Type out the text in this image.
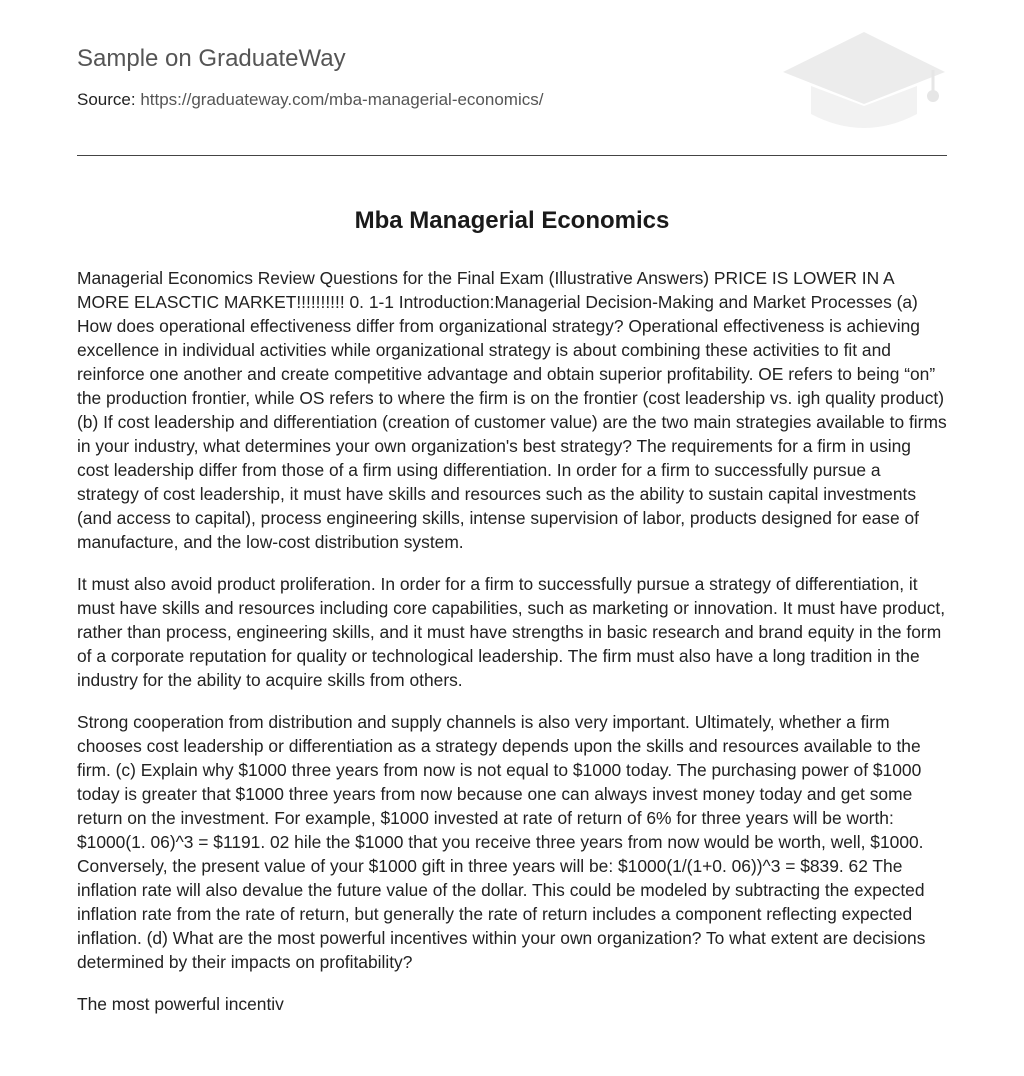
Sample on GraduateWay
Source: https://graduateway.com/mba-managerial-economics/
Mba Managerial Economics

Managerial Economics Review Questions for the Final Exam (Illustrative Answers) PRICE IS LOWER IN A MORE ELASCTIC MARKET!!!!!!!!!! 0. 1-1 Introduction:Managerial Decision-Making and Market Processes (a) How does operational effectiveness differ from organizational strategy? Operational effectiveness is achieving excellence in individual activities while organizational strategy is about combining these activities to fit and reinforce one another and create competitive advantage and obtain superior profitability. OE refers to being “on” the production frontier, while OS refers to where the firm is on the frontier (cost leadership vs. igh quality product) (b) If cost leadership and differentiation (creation of customer value) are the two main strategies available to firms in your industry, what determines your own organization's best strategy? The requirements for a firm in using cost leadership differ from those of a firm using differentiation. In order for a firm to successfully pursue a strategy of cost leadership, it must have skills and resources such as the ability to sustain capital investments (and access to capital), process engineering skills, intense supervision of labor, products designed for ease of manufacture, and the low-cost distribution system.

It must also avoid product proliferation. In order for a firm to successfully pursue a strategy of differentiation, it must have skills and resources including core capabilities, such as marketing or innovation. It must have product, rather than process, engineering skills, and it must have strengths in basic research and brand equity in the form of a corporate reputation for quality or technological leadership. The firm must also have a long tradition in the industry for the ability to acquire skills from others.

Strong cooperation from distribution and supply channels is also very important. Ultimately, whether a firm chooses cost leadership or differentiation as a strategy depends upon the skills and resources available to the firm. (c) Explain why $1000 three years from now is not equal to $1000 today. The purchasing power of $1000 today is greater that $1000 three years from now because one can always invest money today and get some return on the investment. For example, $1000 invested at rate of return of 6% for three years will be worth: $1000(1. 06)^3 = $1191. 02 hile the $1000 that you receive three years from now would be worth, well, $1000. Conversely, the present value of your $1000 gift in three years will be: $1000(1/(1+0. 06))^3 = $839. 62 The inflation rate will also devalue the future value of the dollar. This could be modeled by subtracting the expected inflation rate from the rate of return, but generally the rate of return includes a component reflecting expected inflation. (d) What are the most powerful incentives within your own organization? To what extent are decisions determined by their impacts on profitability?

The most powerful incentiv
